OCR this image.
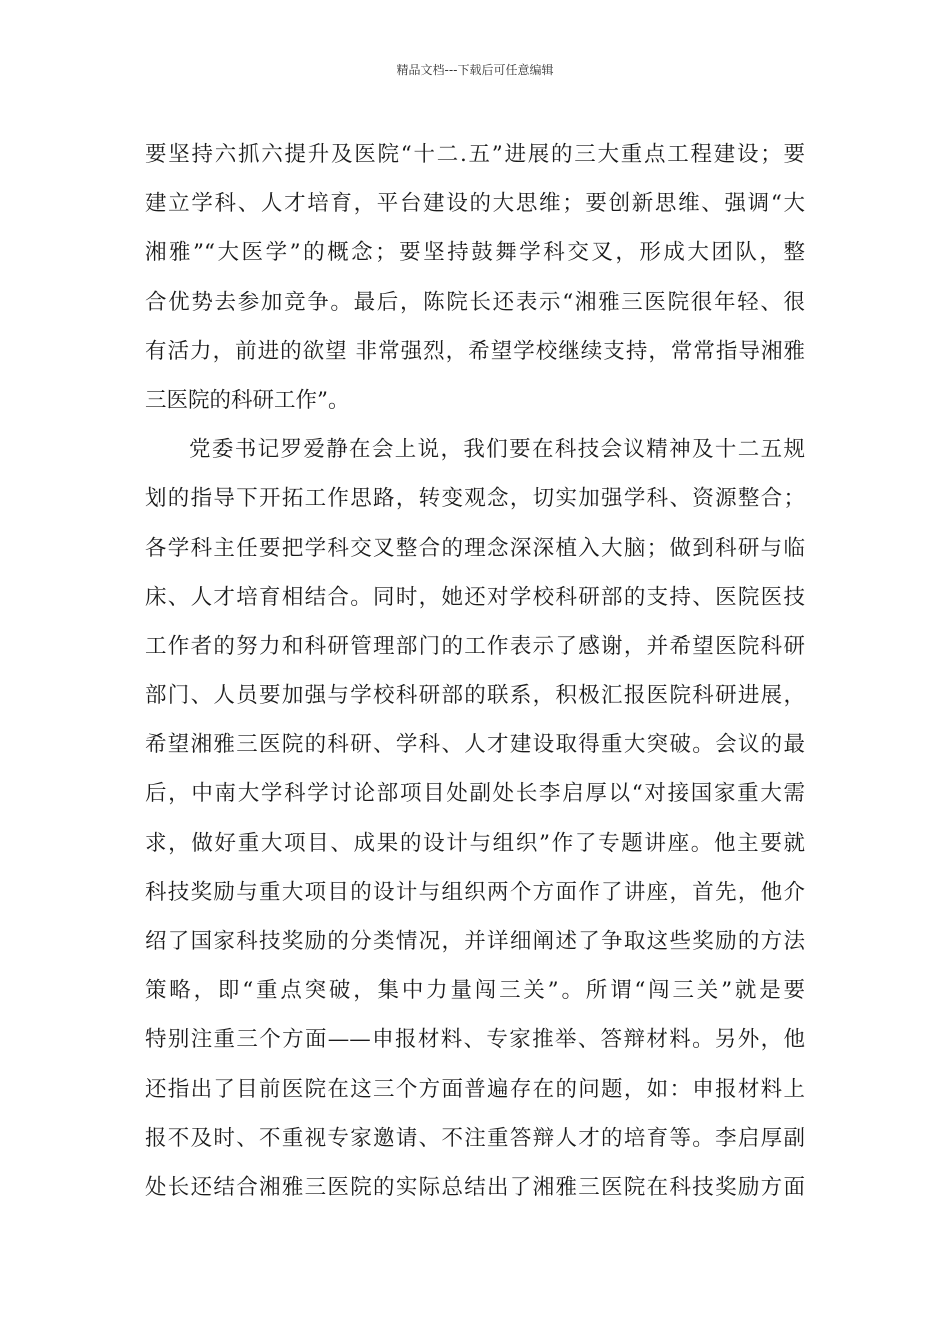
精品文档---下载后可任意编辑
要坚持六抓六提升及医院“十二.五”进展的三大重点工程建设；要
建立学科、人才培育，平台建设的大思维；要创新思维、强调“大
湘雅”“大医学”的概念；要坚持鼓舞学科交叉，形成大团队，整
合优势去参加竞争。最后，陈院长还表示“湘雅三医院很年轻、很
有活力，前进的欲望 非常强烈，希望学校继续支持，常常指导湘雅
三医院的科研工作”。
党委书记罗爱静在会上说，我们要在科技会议精神及十二五规
划的指导下开拓工作思路，转变观念，切实加强学科、资源整合；
各学科主任要把学科交叉整合的理念深深植入大脑；做到科研与临
床、人才培育相结合。同时，她还对学校科研部的支持、医院医技
工作者的努力和科研管理部门的工作表示了感谢，并希望医院科研
部门、人员要加强与学校科研部的联系，积极汇报医院科研进展，
希望湘雅三医院的科研、学科、人才建设取得重大突破。会议的最
后，中南大学科学讨论部项目处副处长李启厚以“对接国家重大需
求，做好重大项目、成果的设计与组织”作了专题讲座。他主要就
科技奖励与重大项目的设计与组织两个方面作了讲座，首先，他介
绍了国家科技奖励的分类情况，并详细阐述了争取这些奖励的方法
策略，即“重点突破，集中力量闯三关”。所谓“闯三关”就是要
特别注重三个方面——申报材料、专家推举、答辩材料。另外，他
还指出了目前医院在这三个方面普遍存在的问题，如：申报材料上
报不及时、不重视专家邀请、不注重答辩人才的培育等。李启厚副
处长还结合湘雅三医院的实际总结出了湘雅三医院在科技奖励方面
